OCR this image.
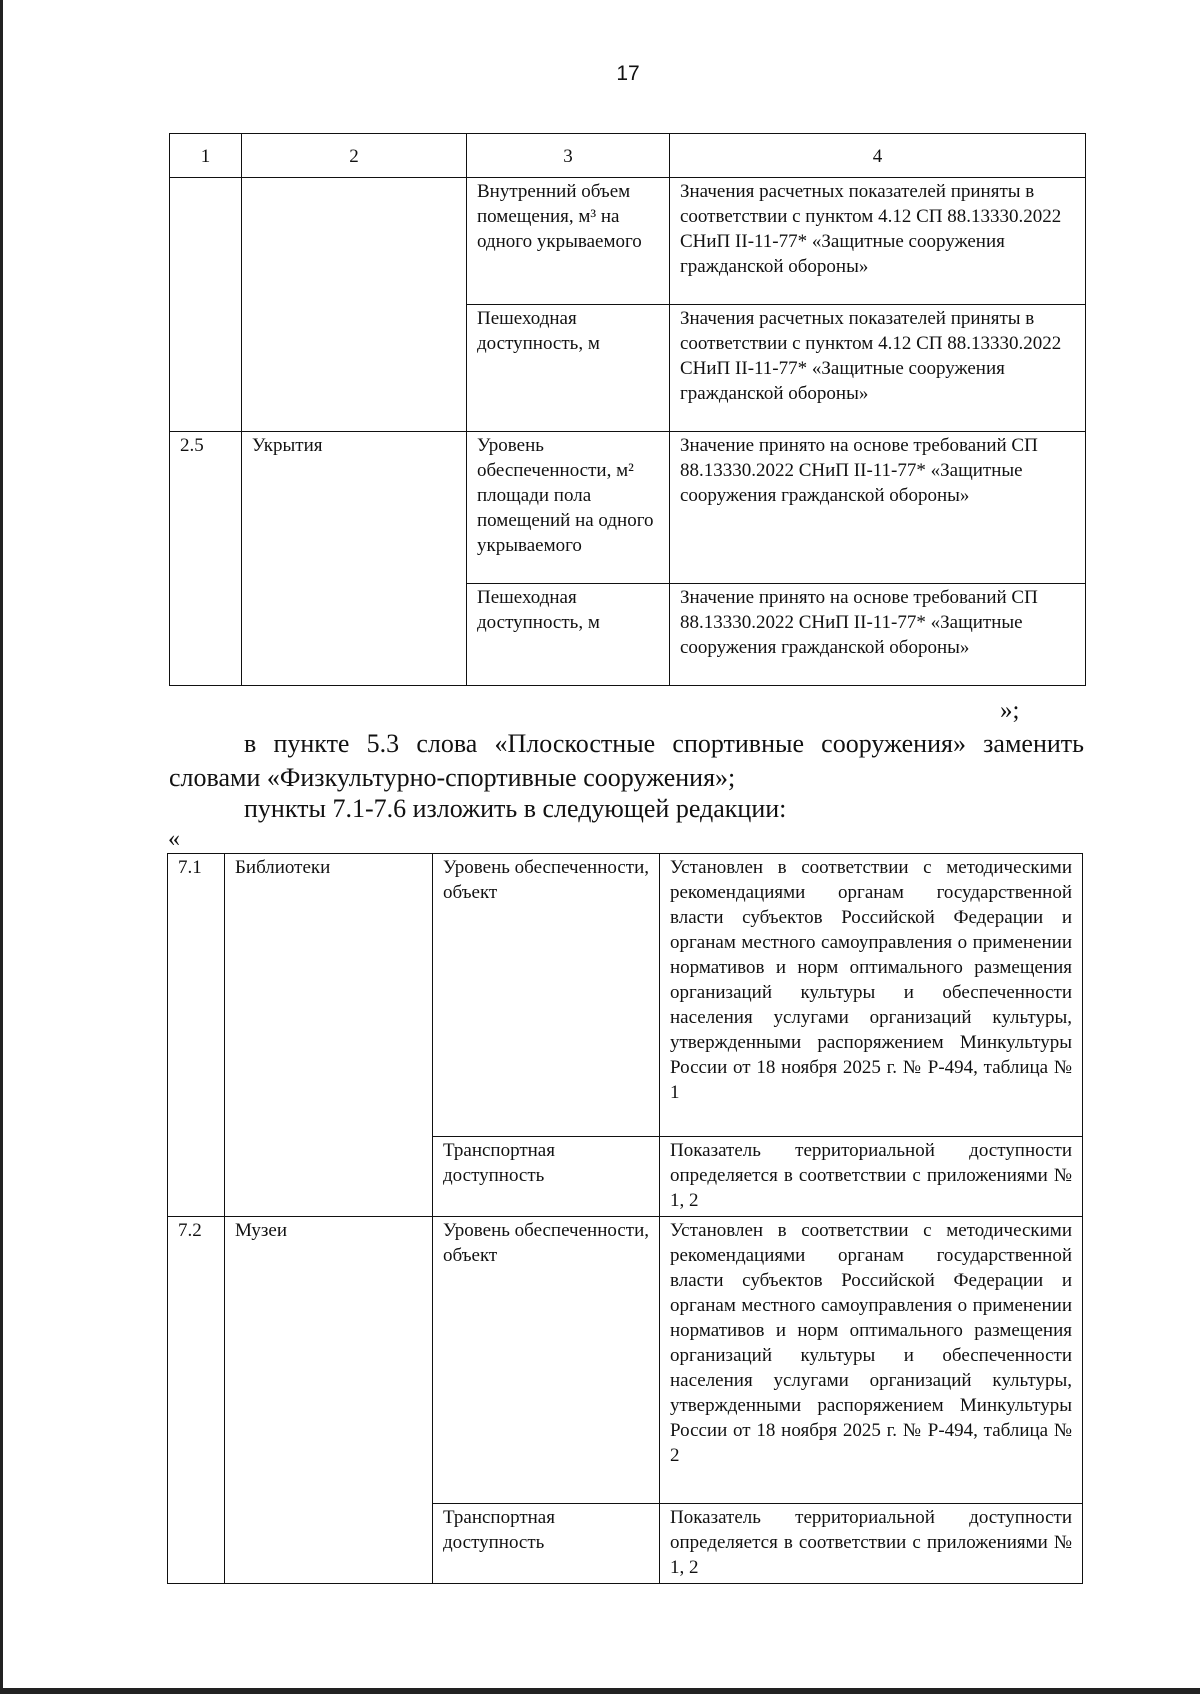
17
1	2	3	4
		Внутренний объем помещения, м³ на одного укрываемого	Значения расчетных показателей приняты в соответствии с пунктом 4.12 СП 88.13330.2022 СНиП II-11-77* «Защитные сооружения гражданской обороны»
		Пешеходная доступность, м	Значения расчетных показателей приняты в соответствии с пунктом 4.12 СП 88.13330.2022 СНиП II-11-77* «Защитные сооружения гражданской обороны»
2.5	Укрытия	Уровень обеспеченности, м² площади пола помещений на одного укрываемого	Значение принято на основе требований СП 88.13330.2022 СНиП II-11-77* «Защитные сооружения гражданской обороны»
		Пешеходная доступность, м	Значение принято на основе требований СП 88.13330.2022 СНиП II-11-77* «Защитные сооружения гражданской обороны»
»;
в пункте 5.3 слова «Плоскостные спортивные сооружения» заменить словами «Физкультурно-спортивные сооружения»;
пункты 7.1-7.6 изложить в следующей редакции:
«
7.1	Библиотеки	Уровень обеспеченности, объект	Установлен в соответствии с методическими рекомендациями органам государственной власти субъектов Российской Федерации и органам местного самоуправления о применении нормативов и норм оптимального размещения организаций культуры и обеспеченности населения услугами организаций культуры, утвержденными распоряжением Минкультуры России от 18 ноября 2025 г. № Р-494, таблица № 1
		Транспортная доступность	Показатель территориальной доступности определяется в соответствии с приложениями № 1, 2
7.2	Музеи	Уровень обеспеченности, объект	Установлен в соответствии с методическими рекомендациями органам государственной власти субъектов Российской Федерации и органам местного самоуправления о применении нормативов и норм оптимального размещения организаций культуры и обеспеченности населения услугами организаций культуры, утвержденными распоряжением Минкультуры России от 18 ноября 2025 г. № Р-494, таблица № 2
		Транспортная доступность	Показатель территориальной доступности определяется в соответствии с приложениями № 1, 2
